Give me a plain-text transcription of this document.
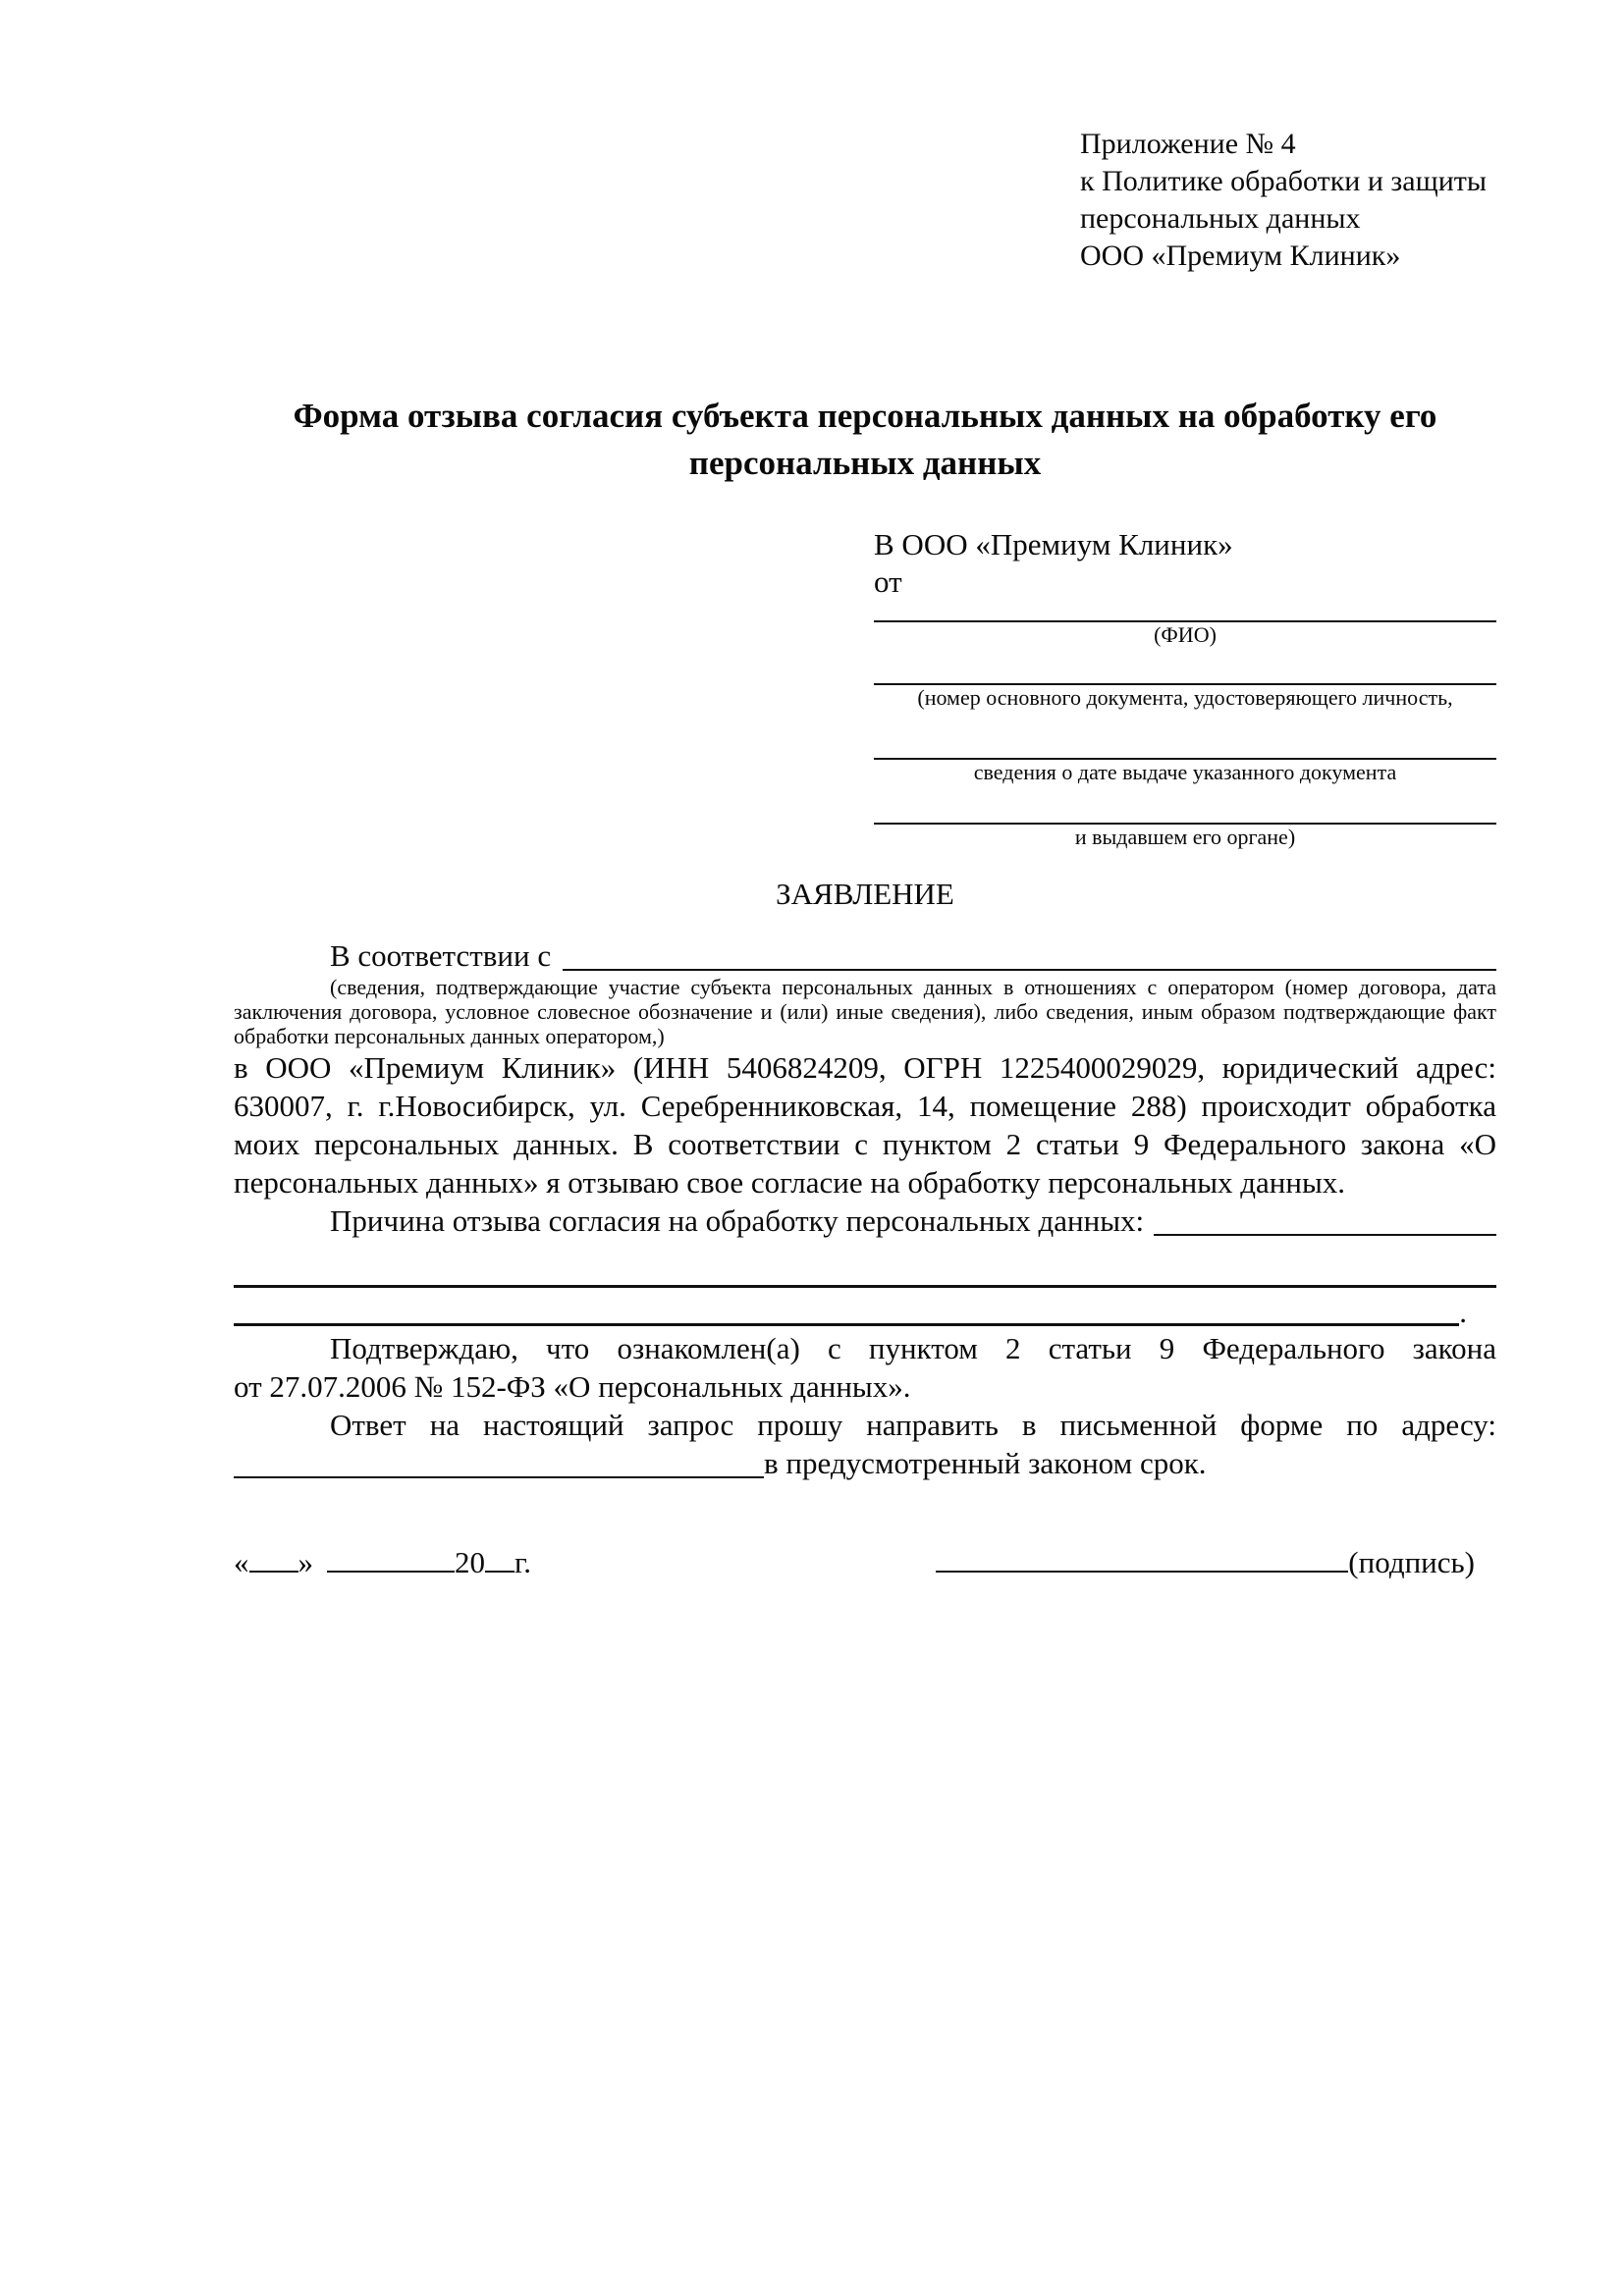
Приложение № 4
к Политике обработки и защиты
персональных данных
ООО «Премиум Клиник»
Форма отзыва согласия субъекта персональных данных на обработку его персональных данных
В ООО «Премиум Клиник»
от
(ФИО)
(номер основного документа, удостоверяющего личность,
сведения о дате выдаче указанного документа
и выдавшем его органе)
ЗАЯВЛЕНИЕ
В соответствии с
(сведения, подтверждающие участие субъекта персональных данных в отношениях с оператором (номер договора, дата заключения договора, условное словесное обозначение и (или) иные сведения), либо сведения, иным образом подтверждающие факт обработки персональных данных оператором,)
в ООО «Премиум Клиник» (ИНН 5406824209, ОГРН 1225400029029, юридический адрес: 630007, г. г.Новосибирск, ул. Серебренниковская, 14, помещение 288) происходит обработка моих персональных данных. В соответствии с пунктом 2 статьи 9 Федерального закона «О персональных данных» я отзываю свое согласие на обработку персональных данных.
Причина отзыва согласия на обработку персональных данных:
.
Подтверждаю, что ознакомлен(а) с пунктом 2 статьи 9 Федерального закона
от 27.07.2006 № 152-ФЗ «О персональных данных».
Ответ на настоящий запрос прошу направить в письменной форме по адресу:
в предусмотренный законом срок.
« »	20 г.	(подпись)
